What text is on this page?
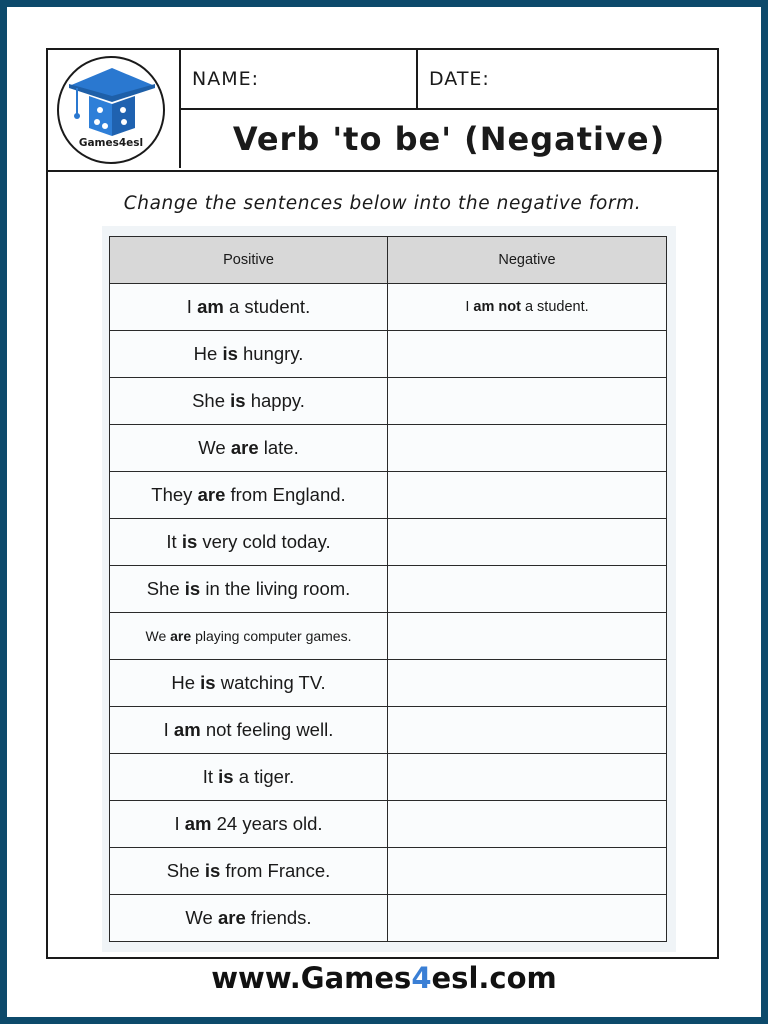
Games4esl
NAME:	DATE:
Verb 'to be' (Negative)
Change the sentences below into the negative form.
Positive	Negative
I am a student.	I am not a student.
He is hungry.	
She is happy.	
We are late.	
They are from England.	
It is very cold today.	
She is in the living room.	
We are playing computer games.	
He is watching TV.	
I am not feeling well.	
It is a tiger.	
I am 24 years old.	
She is from France.	
We are friends.	
www.Games4esl.com
